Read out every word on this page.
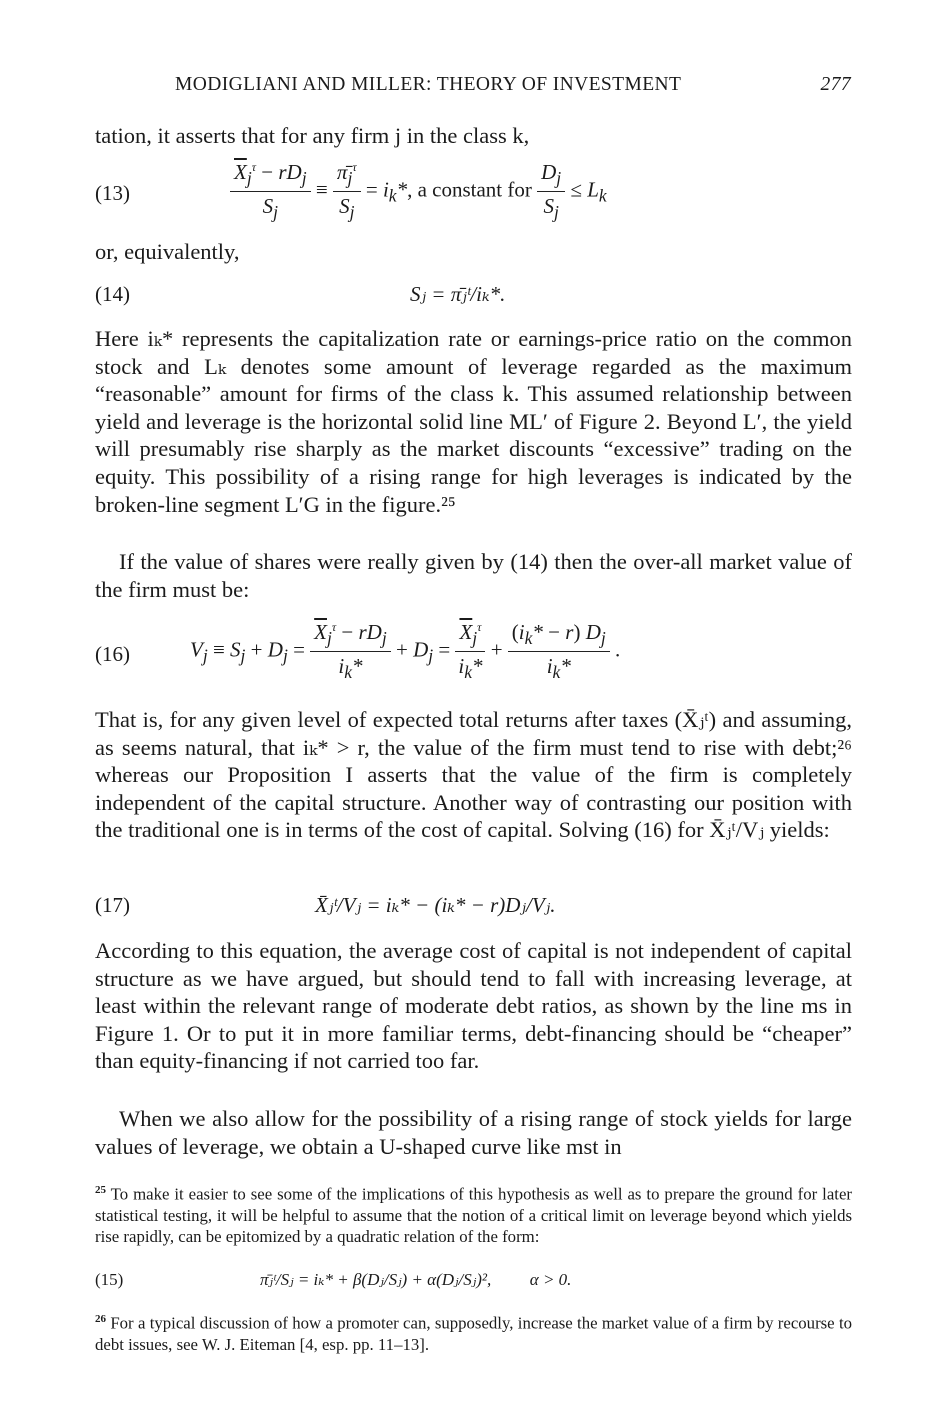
MODIGLIANI AND MILLER: THEORY OF INVESTMENT	277
tation, it asserts that for any firm j in the class k,
(13)	$\frac{\overline{X}_j^\tau - rD_j}{S_j} \equiv \frac{\pī_j^\tau}{S_j} = i_k*$, a constant for $\frac{D_j}{S_j} \le L_k$
or, equivalently,
(14)	Sⱼ = π̄ⱼᵗ/iₖ*.
Here iₖ* represents the capitalization rate or earnings-price ratio on the common stock and Lₖ denotes some amount of leverage regarded as the maximum “reasonable” amount for firms of the class k. This assumed relationship between yield and leverage is the horizontal solid line ML′ of Figure 2. Beyond L′, the yield will presumably rise sharply as the market discounts “excessive” trading on the equity. This possibility of a rising range for high leverages is indicated by the broken-line segment L′G in the figure.²⁵
If the value of shares were really given by (14) then the over-all market value of the firm must be:
(16)	$V_j \equiv S_j + D_j = \frac{\overline{X}_j^\tau - rD_j}{i_k*} + D_j = \frac{\overline{X}_j^\tau}{i_k*} + \frac{(i_k* - r) D_j}{i_k*}$ .
That is, for any given level of expected total returns after taxes (X̄ⱼᵗ) and assuming, as seems natural, that iₖ* > r, the value of the firm must tend to rise with debt;²⁶ whereas our Proposition I asserts that the value of the firm is completely independent of the capital structure. Another way of contrasting our position with the traditional one is in terms of the cost of capital. Solving (16) for X̄ⱼᵗ/Vⱼ yields:
(17)	X̄ⱼᵗ/Vⱼ = iₖ* − (iₖ* − r)Dⱼ/Vⱼ.
According to this equation, the average cost of capital is not independent of capital structure as we have argued, but should tend to fall with increasing leverage, at least within the relevant range of moderate debt ratios, as shown by the line ms in Figure 1. Or to put it in more familiar terms, debt-financing should be “cheaper” than equity-financing if not carried too far.
When we also allow for the possibility of a rising range of stock yields for large values of leverage, we obtain a U-shaped curve like mst in
$^{25}$ To make it easier to see some of the implications of this hypothesis as well as to prepare the ground for later statistical testing, it will be helpful to assume that the notion of a critical limit on leverage beyond which yields rise rapidly, can be epitomized by a quadratic relation of the form:
(15)	π̄ⱼᵗ/Sⱼ = iₖ* + β(Dⱼ/Sⱼ) + α(Dⱼ/Sⱼ)², α > 0.
$^{26}$ For a typical discussion of how a promoter can, supposedly, increase the market value of a firm by recourse to debt issues, see W. J. Eiteman [4, esp. pp. 11–13].
